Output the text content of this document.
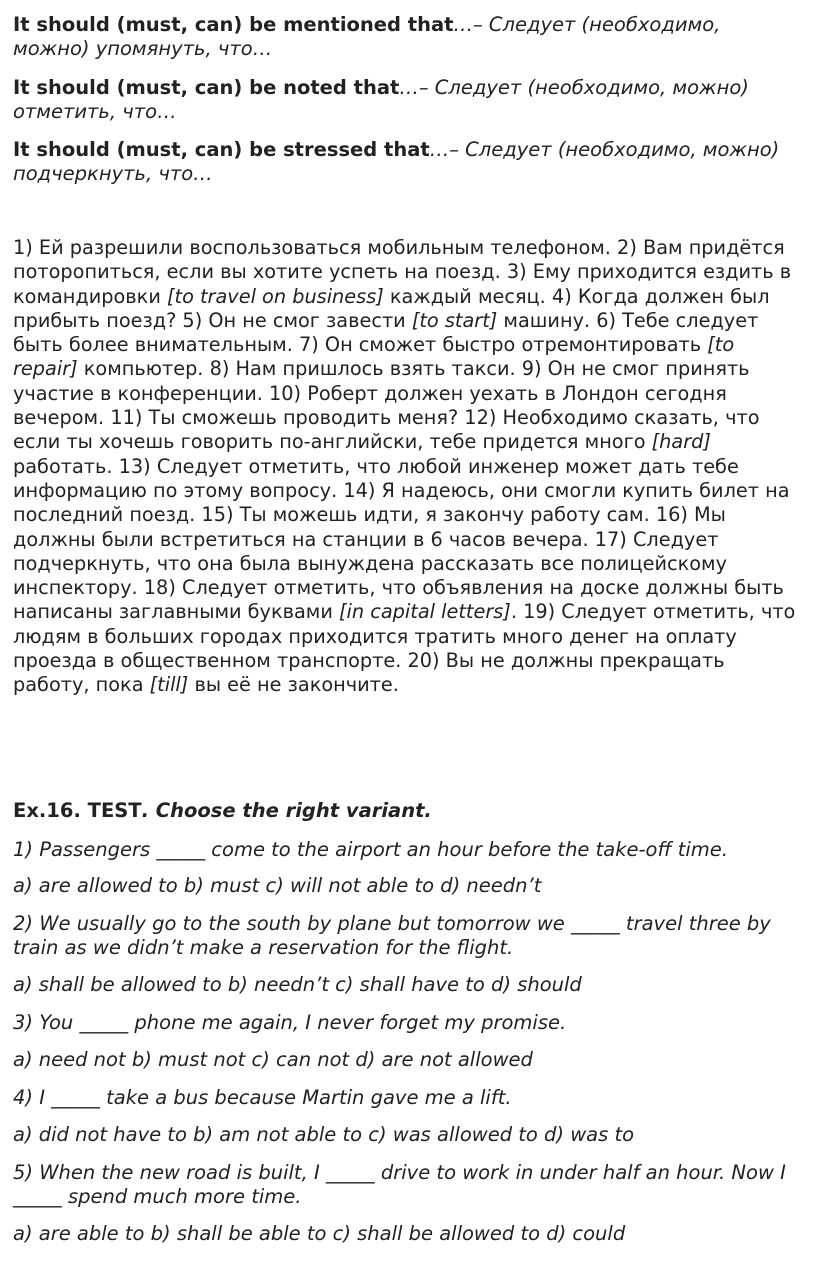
It should (must, can) be mentioned that…– Следует (необходимо, можно) упомянуть, что…

It should (must, can) be noted that…– Следует (необходимо, можно) отметить, что…

It should (must, can) be stressed that…– Следует (необходимо, можно) подчеркнуть, что…

1) Ей разрешили воспользоваться мобильным телефоном. 2) Вам придётся поторопиться, если вы хотите успеть на поезд. 3) Ему приходится ездить в командировки [to travel on business] каждый месяц. 4) Когда должен был прибыть поезд? 5) Он не смог завести [to start] машину. 6) Тебе следует быть более внимательным. 7) Он сможет быстро отремонтировать [to repair] компьютер. 8) Нам пришлось взять такси. 9) Он не смог принять участие в конференции. 10) Роберт должен уехать в Лондон сегодня вечером. 11) Ты сможешь проводить меня? 12) Необходимо сказать, что если ты хочешь говорить по-английски, тебе придется много [hard] работать. 13) Следует отметить, что любой инженер может дать тебе информацию по этому вопросу. 14) Я надеюсь, они смогли купить билет на последний поезд. 15) Ты можешь идти, я закончу работу сам. 16) Мы должны были встретиться на станции в 6 часов вечера. 17) Следует подчеркнуть, что она была вынуждена рассказать все полицейскому инспектору. 18) Следует отметить, что объявления на доске должны быть написаны заглавными буквами [in capital letters]. 19) Следует отметить, что людям в больших городах приходится тратить много денег на оплату проезда в общественном транспорте. 20) Вы не должны прекращать работу, пока [till] вы её не закончите.

Ex.16. TEST. Choose the right variant.

1) Passengers _____ come to the airport an hour before the take-off time.

a) are allowed to b) must c) will not able to d) needn’t

2) We usually go to the south by plane but tomorrow we _____ travel three by train as we didn’t make a reservation for the flight.

a) shall be allowed to b) needn’t c) shall have to d) should

3) You _____ phone me again, I never forget my promise.

a) need not b) must not c) can not d) are not allowed

4) I _____ take a bus because Martin gave me a lift.

a) did not have to b) am not able to c) was allowed to d) was to

5) When the new road is built, I _____ drive to work in under half an hour. Now I _____ spend much more time.

a) are able to b) shall be able to c) shall be allowed to d) could
